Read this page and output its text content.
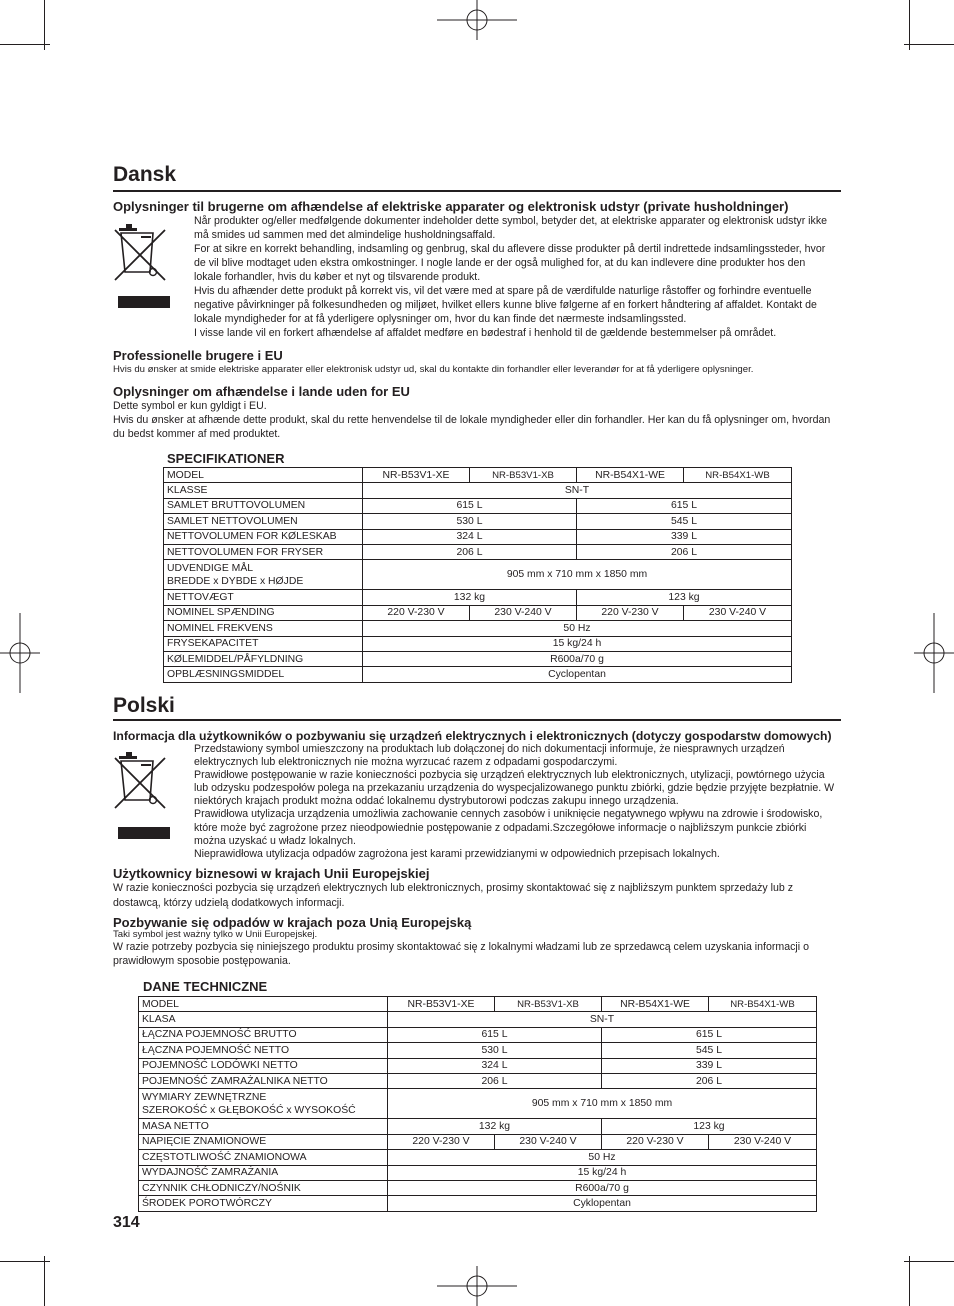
Dansk
Oplysninger til brugerne om afhændelse af elektriske apparater og elektronisk udstyr (private husholdninger)

Når produkter og/eller medfølgende dokumenter indeholder dette symbol, betyder det, at elektriske apparater og elektronisk udstyr ikke må smides ud sammen med det almindelige husholdningsaffald.

For at sikre en korrekt behandling, indsamling og genbrug, skal du aflevere disse produkter på dertil indrettede indsamlingssteder, hvor de vil blive modtaget uden ekstra omkostninger. I nogle lande er der også mulighed for, at du kan indlevere dine produkter hos den lokale forhandler, hvis du køber et nyt og tilsvarende produkt.

Hvis du afhænder dette produkt på korrekt vis, vil det være med at spare på de værdifulde naturlige råstoffer og forhindre eventuelle negative påvirkninger på folkesundheden og miljøet, hvilket ellers kunne blive følgerne af en forkert håndtering af affaldet. Kontakt de lokale myndigheder for at få yderligere oplysninger om, hvor du kan finde det nærmeste indsamlingssted.

I visse lande vil en forkert afhændelse af affaldet medføre en bødestraf i henhold til de gældende bestemmelser på området.

Professionelle brugere i EU

Hvis du ønsker at smide elektriske apparater eller elektronisk udstyr ud, skal du kontakte din forhandler eller leverandør for at få yderligere oplysninger.

Oplysninger om afhændelse i lande uden for EU

Dette symbol er kun gyldigt i EU.

Hvis du ønsker at afhænde dette produkt, skal du rette henvendelse til de lokale myndigheder eller din forhandler. Her kan du få oplysninger om, hvordan du bedst kommer af med produktet.

SPECIFIKATIONER
MODEL	NR-B53V1-XE	NR-B53V1-XB	NR-B54X1-WE	NR-B54X1-WB
KLASSE	SN-T			
SAMLET BRUTTOVOLUMEN	615 L		615 L	
SAMLET NETTOVOLUMEN	530 L		545 L	
NETTOVOLUMEN FOR KØLESKAB	324 L		339 L	
NETTOVOLUMEN FOR FRYSER	206 L		206 L	
UDVENDIGE MÅL
BREDDE x DYBDE x HØJDE	905 mm x 710 mm x 1850 mm			
NETTOVÆGT	132 kg		123 kg	
NOMINEL SPÆNDING	220 V-230 V	230 V-240 V	220 V-230 V	230 V-240 V
NOMINEL FREKVENS	50 Hz			
FRYSEKAPACITET	15 kg/24 h			
KØLEMIDDEL/PÅFYLDNING	R600a/70 g			
OPBLÆSNINGSMIDDEL	Cyclopentan			
Polski
Informacja dla użytkowników o pozbywaniu się urządzeń elektrycznych i elektronicznych (dotyczy gospodarstw domowych)

Przedstawiony symbol umieszczony na produktach lub dołączonej do nich dokumentacji informuje, że niesprawnych urządzeń elektrycznych lub elektronicznych nie można wyrzucać razem z odpadami gospodarczymi.

Prawidłowe postępowanie w razie konieczności pozbycia się urządzeń elektrycznych lub elektronicznych, utylizacji, powtórnego użycia lub odzysku podzespołów polega na przekazaniu urządzenia do wyspecjalizowanego punktu zbiórki, gdzie będzie przyjęte bezpłatnie. W niektórych krajach produkt można oddać lokalnemu dystrybutorowi podczas zakupu innego urządzenia.

Prawidłowa utylizacja urządzenia umożliwia zachowanie cennych zasobów i uniknięcie negatywnego wpływu na zdrowie i środowisko, które może być zagrożone przez nieodpowiednie postępowanie z odpadami.Szczegółowe informacje o najbliższym punkcie zbiórki można uzyskać u władz lokalnych.

Nieprawidłowa utylizacja odpadów zagrożona jest karami przewidzianymi w odpowiednich przepisach lokalnych.

Użytkownicy biznesowi w krajach Unii Europejskiej

W razie konieczności pozbycia się urządzeń elektrycznych lub elektronicznych, prosimy skontaktować się z najbliższym punktem sprzedaży lub z dostawcą, którzy udzielą dodatkowych informacji.

Pozbywanie się odpadów w krajach poza Unią Europejską

Taki symbol jest ważny tylko w Unii Europejskej.

W razie potrzeby pozbycia się niniejszego produktu prosimy skontaktować się z lokalnymi władzami lub ze sprzedawcą celem uzyskania informacji o prawidłowym sposobie postępowania.

DANE TECHNICZNE
MODEL	NR-B53V1-XE	NR-B53V1-XB	NR-B54X1-WE	NR-B54X1-WB
KLASA	SN-T			
ŁĄCZNA POJEMNOŚĆ BRUTTO	615 L		615 L	
ŁĄCZNA POJEMNOŚĆ NETTO	530 L		545 L	
POJEMNOŚĆ LODÓWKI NETTO	324 L		339 L	
POJEMNOŚĆ ZAMRAŻALNIKA NETTO	206 L		206 L	
WYMIARY ZEWNĘTRZNE
SZEROKOŚĆ x GŁĘBOKOŚĆ x WYSOKOŚĆ	905 mm x 710 mm x 1850 mm			
MASA NETTO	132 kg		123 kg	
NAPIĘCIE ZNAMIONOWE	220 V-230 V	230 V-240 V	220 V-230 V	230 V-240 V
CZĘSTOTLIWOŚĆ ZNAMIONOWA	50 Hz			
WYDAJNOŚĆ ZAMRAŻANIA	15 kg/24 h			
CZYNNIK CHŁODNICZY/NOŚNIK	R600a/70 g			
ŚRODEK POROTWÓRCZY	Cyklopentan			
314
